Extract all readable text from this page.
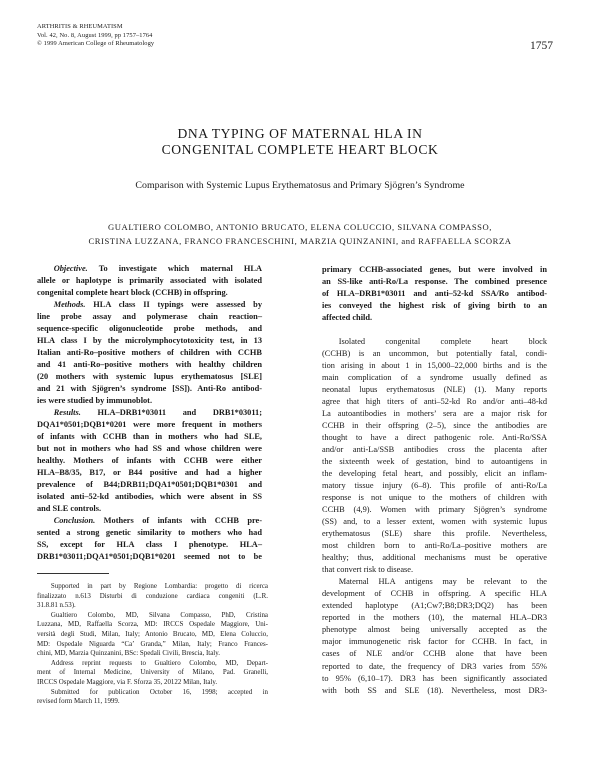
ARTHRITIS & RHEUMATISM
Vol. 42, No. 8, August 1999, pp 1757–1764
© 1999 American College of Rheumatology	1757
DNA TYPING OF MATERNAL HLA IN
CONGENITAL COMPLETE HEART BLOCK
Comparison with Systemic Lupus Erythematosus and Primary Sjögren’s Syndrome
GUALTIERO COLOMBO, ANTONIO BRUCATO, ELENA COLUCCIO, SILVANA COMPASSO,
CRISTINA LUZZANA, FRANCO FRANCESCHINI, MARZIA QUINZANINI, and RAFFAELLA SCORZA
  Objective. To investigate which maternal HLA
allele or haplotype is primarily associated with isolated
congenital complete heart block (CCHB) in offspring.
  Methods. HLA class II typings were assessed by
line probe assay and polymerase chain reaction–
sequence-specific oligonucleotide probe methods, and
HLA class I by the microlymphocytotoxicity test, in 13
Italian anti-Ro–positive mothers of children with CCHB
and 41 anti-Ro–positive mothers with healthy children
(20 mothers with systemic lupus erythematosus [SLE]
and 21 with Sjögren’s syndrome [SS]). Anti-Ro antibod-
ies were studied by immunoblot.
  Results. HLA–DRB1*03011 and DRB1*03011;
DQA1*0501;DQB1*0201 were more frequent in mothers
of infants with CCHB than in mothers who had SLE,
but not in mothers who had SS and whose children were
healthy. Mothers of infants with CCHB were either
HLA–B8/35, B17, or B44 positive and had a higher
prevalence of B44;DRB11;DQA1*0501;DQB1*0301 and
isolated anti–52-kd antibodies, which were absent in SS
and SLE controls.
  Conclusion. Mothers of infants with CCHB pre-
sented a strong genetic similarity to mothers who had
SS, except for HLA class I phenotype. HLA–
DRB1*03011;DQA1*0501;DQB1*0201 seemed not to be
  Supported in part by Regione Lombardia: progetto di ricerca
finalizzato n.613 Disturbi di conduzione cardiaca congeniti (L.R.
31.8.81 n.53).
  Gualtiero Colombo, MD, Silvana Compasso, PhD, Cristina
Luzzana, MD, Raffaella Scorza, MD: IRCCS Ospedale Maggiore, Uni-
versità degli Studi, Milan, Italy; Antonio Brucato, MD, Elena Coluccio,
MD: Ospedale Niguarda “Ca’ Granda,” Milan, Italy; Franco Frances-
chini, MD, Marzia Quinzanini, BSc: Spedali Civili, Brescia, Italy.
  Address reprint requests to Gualtiero Colombo, MD, Depart-
ment of Internal Medicine, University of Milano, Pad. Granelli,
IRCCS Ospedale Maggiore, via F. Sforza 35, 20122 Milan, Italy.
  Submitted for publication October 16, 1998; accepted in
revised form March 11, 1999.
primary CCHB-associated genes, but were involved in
an SS-like anti-Ro/La response. The combined presence
of HLA–DRB1*03011 and anti–52-kd SSA/Ro antibod-
ies conveyed the highest risk of giving birth to an
affected child.
  Isolated congenital complete heart block
(CCHB) is an uncommon, but potentially fatal, condi-
tion arising in about 1 in 15,000–22,000 births and is the
main complication of a syndrome usually defined as
neonatal lupus erythematosus (NLE) (1). Many reports
agree that high titers of anti–52-kd Ro and/or anti–48-kd
La autoantibodies in mothers’ sera are a major risk for
CCHB in their offspring (2–5), since the antibodies are
thought to have a direct pathogenic role. Anti-Ro/SSA
and/or anti-La/SSB antibodies cross the placenta after
the sixteenth week of gestation, bind to autoantigens in
the developing fetal heart, and possibly, elicit an inflam-
matory tissue injury (6–8). This profile of anti-Ro/La
response is not unique to the mothers of children with
CCHB (4,9). Women with primary Sjögren’s syndrome
(SS) and, to a lesser extent, women with systemic lupus
erythematosus (SLE) share this profile. Nevertheless,
most children born to anti-Ro/La–positive mothers are
healthy; thus, additional mechanisms must be operative
that convert risk to disease.
  Maternal HLA antigens may be relevant to the
development of CCHB in offspring. A specific HLA
extended haplotype (A1;Cw7;B8;DR3;DQ2) has been
reported in the mothers (10), the maternal HLA–DR3
phenotype almost being universally accepted as the
major immunogenetic risk factor for CCHB. In fact, in
cases of NLE and/or CCHB alone that have been
reported to date, the frequency of DR3 varies from 55%
to 95% (6,10–17). DR3 has been significantly associated
with both SS and SLE (18). Nevertheless, most DR3-
